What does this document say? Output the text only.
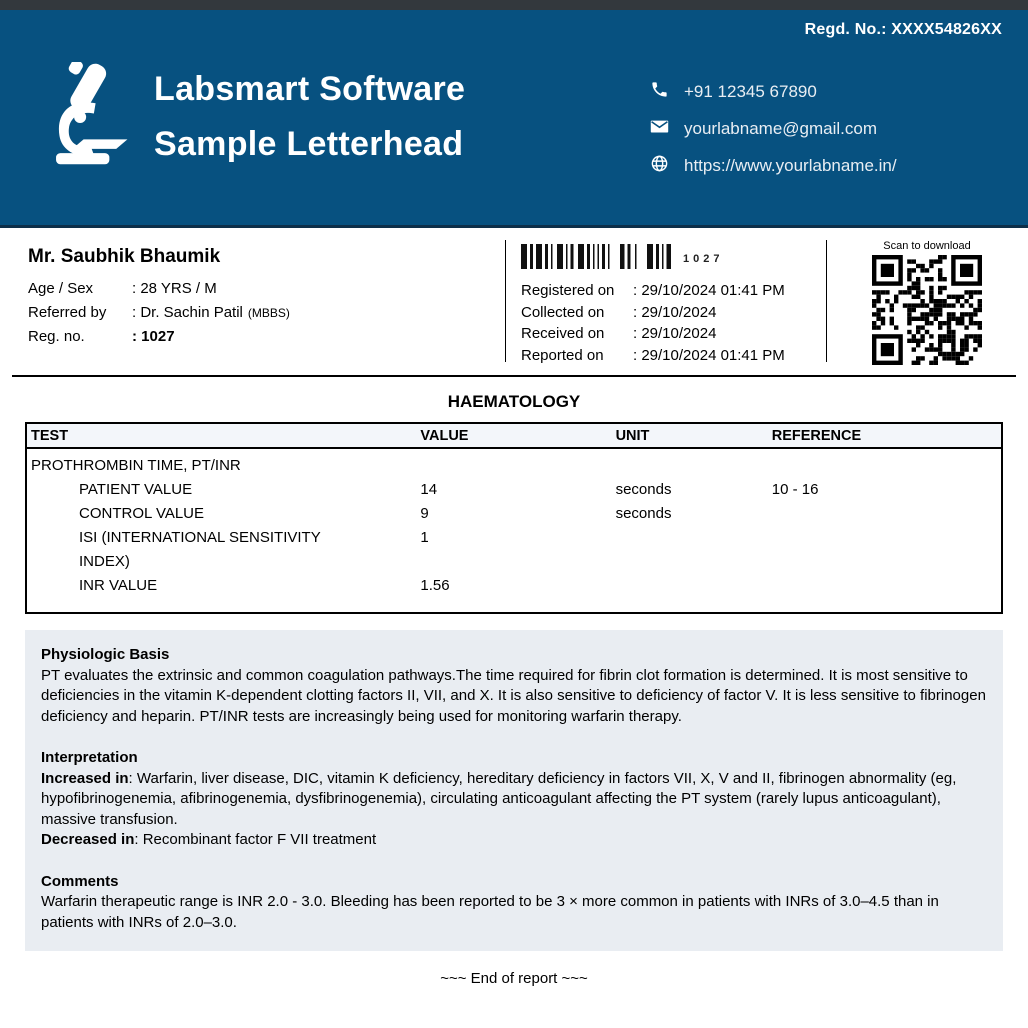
Regd. No.: XXXX54826XX
Labsmart Software
Sample Letterhead
+91 12345 67890
yourlabname@gmail.com
https://www.yourlabname.in/
Mr. Saubhik Bhaumik
Age / Sex	: 28 YRS / M
Referred by	: Dr. Sachin Patil (MBBS)
Reg. no.	: 1027
1027
Registered on	: 29/10/2024 01:41 PM
Collected on	: 29/10/2024
Received on	: 29/10/2024
Reported on	: 29/10/2024 01:41 PM
Scan to download
HAEMATOLOGY
TEST	VALUE	UNIT	REFERENCE
PROTHROMBIN TIME, PT/INR			
PATIENT VALUE	14	seconds	10 - 16
CONTROL VALUE	9	seconds	
ISI (INTERNATIONAL SENSITIVITY INDEX)	1		
INR VALUE	1.56		
Physiologic Basis

PT evaluates the extrinsic and common coagulation pathways.The time required for fibrin clot formation is determined. It is most sensitive to deficiencies in the vitamin K-dependent clotting factors II, VII, and X. It is also sensitive to deficiency of factor V. It is less sensitive to fibrinogen deficiency and heparin. PT/INR tests are increasingly being used for monitoring warfarin therapy.

Interpretation

Increased in: Warfarin, liver disease, DIC, vitamin K deficiency, hereditary deficiency in factors VII, X, V and II, fibrinogen abnormality (eg, hypofibrinogenemia, afibrinogenemia, dysfibrinogenemia), circulating anticoagulant affecting the PT system (rarely lupus anticoagulant), massive transfusion.

Decreased in: Recombinant factor F VII treatment

Comments

Warfarin therapeutic range is INR 2.0 - 3.0. Bleeding has been reported to be 3 × more common in patients with INRs of 3.0–4.5 than in patients with INRs of 2.0–3.0.

~~~ End of report ~~~
